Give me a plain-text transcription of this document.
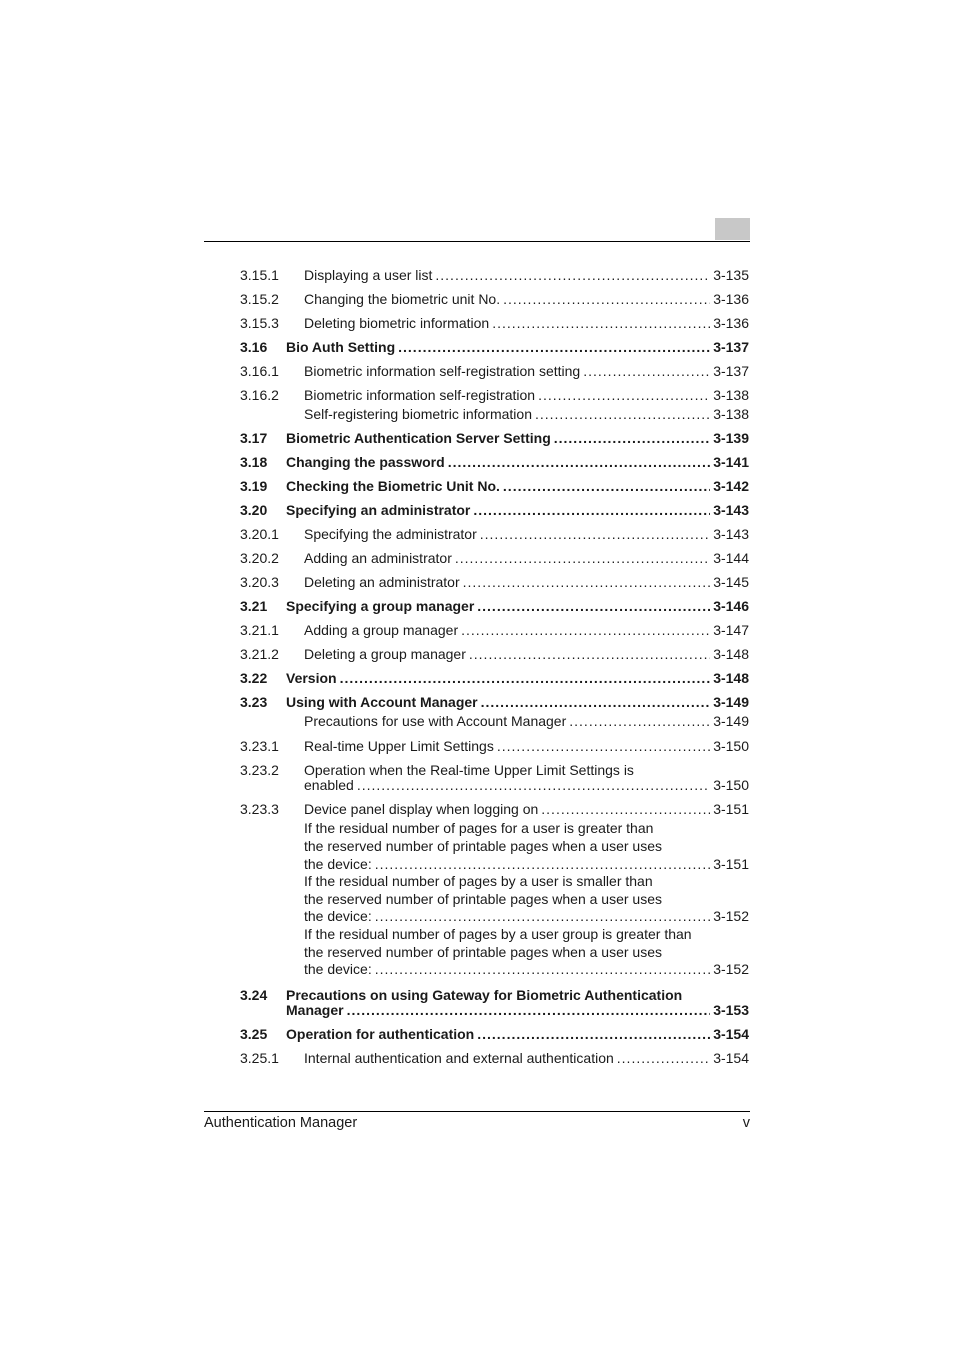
3.15.1 Displaying a user list .....	3-135
3.15.2 Changing the biometric unit No. .....	3-136
3.15.3 Deleting biometric information .....	3-136
3.16 Bio Auth Setting .....	3-137
3.16.1 Biometric information self-registration setting .....	3-137
3.16.2 Biometric information self-registration .....	3-138
Self-registering biometric information .....	3-138
3.17 Biometric Authentication Server Setting .....	3-139
3.18 Changing the password .....	3-141
3.19 Checking the Biometric Unit No. .....	3-142
3.20 Specifying an administrator .....	3-143
3.20.1 Specifying the administrator .....	3-143
3.20.2 Adding an administrator .....	3-144
3.20.3 Deleting an administrator .....	3-145
3.21 Specifying a group manager .....	3-146
3.21.1 Adding a group manager .....	3-147
3.21.2 Deleting a group manager .....	3-148
3.22 Version .....	3-148
3.23 Using with Account Manager .....	3-149
Precautions for use with Account Manager .....	3-149
3.23.1 Real-time Upper Limit Settings .....	3-150
3.23.2 Operation when the Real-time Upper Limit Settings is
enabled .....	3-150
3.23.3 Device panel display when logging on .....	3-151
If the residual number of pages for a user is greater than
the reserved number of printable pages when a user uses
the device: .....	3-151
If the residual number of pages by a user is smaller than
the reserved number of printable pages when a user uses
the device: .....	3-152
If the residual number of pages by a user group is greater than
the reserved number of printable pages when a user uses
the device: .....	3-152
3.24 Precautions on using Gateway for Biometric Authentication
Manager .....	3-153
3.25 Operation for authentication .....	3-154
3.25.1 Internal authentication and external authentication .....	3-154
Authentication Manager	v
